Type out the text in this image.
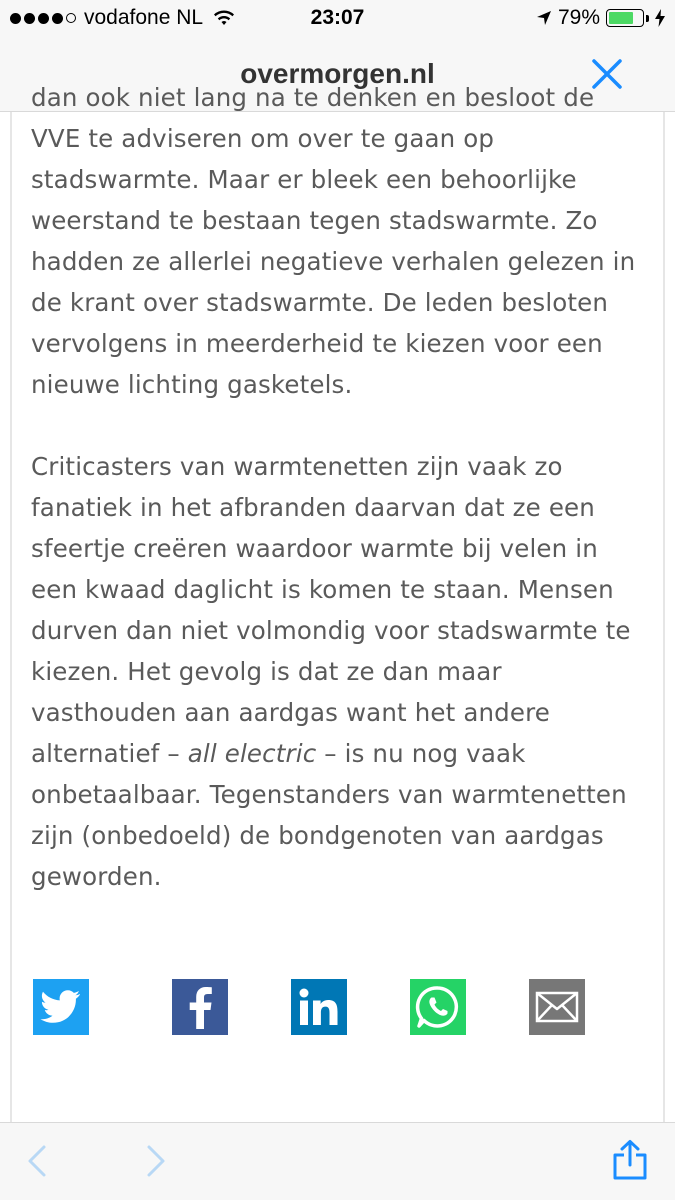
vodafone NL	23:07	79%
overmorgen.nl

dan ook niet lang na te denken en besloot de VVE te adviseren om over te gaan op stadswarmte. Maar er bleek een behoorlijke weerstand te bestaan tegen stadswarmte. Zo hadden ze allerlei negatieve verhalen gelezen in de krant over stadswarmte. De leden besloten vervolgens in meerderheid te kiezen voor een nieuwe lichting gasketels.

Criticasters van warmtenetten zijn vaak zo fanatiek in het afbranden daarvan dat ze een sfeertje creëren waardoor warmte bij velen in een kwaad daglicht is komen te staan. Mensen durven dan niet volmondig voor stadswarmte te kiezen. Het gevolg is dat ze dan maar vasthouden aan aardgas want het andere alternatief – all electric – is nu nog vaak onbetaalbaar. Tegenstanders van warmtenetten zijn (onbedoeld) de bondgenoten van aardgas geworden.
